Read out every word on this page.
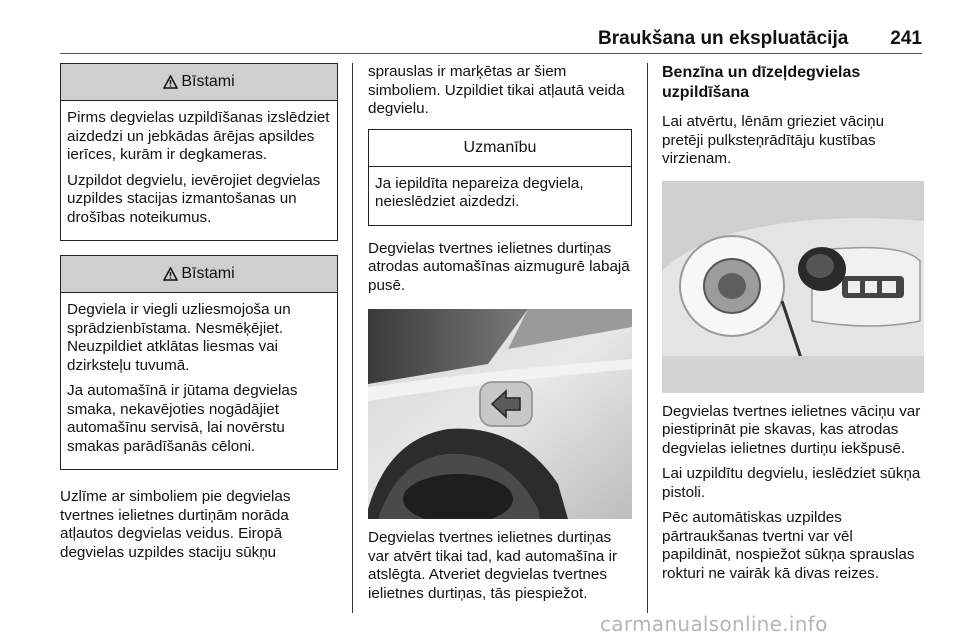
Braukšana un ekspluatācija 241
Bīstami

Pirms degvielas uzpildīšanas izslēdziet aizdedzi un jebkādas ārējas apsildes ierīces, kurām ir degkameras.

Uzpildot degvielu, ievērojiet degvielas uzpildes stacijas izmantošanas un drošības noteikumus.

Bīstami

Degviela ir viegli uzliesmojoša un sprādzienbīstama. Nesmēķējiet. Neuzpildiet atklātas liesmas vai dzirksteļu tuvumā.

Ja automašīnā ir jūtama degvielas smaka, nekavējoties nogādājiet automašīnu servisā, lai novērstu smakas parādīšanās cēloni.

Uzlīme ar simboliem pie degvielas tvertnes ielietnes durtiņām norāda atļautos degvielas veidus. Eiropā degvielas uzpildes staciju sūkņu

sprauslas ir marķētas ar šiem simboliem. Uzpildiet tikai atļautā veida degvielu.

Uzmanību

Ja iepildīta nepareiza degviela, neieslēdziet aizdedzi.

Degvielas tvertnes ielietnes durtiņas atrodas automašīnas aizmugurē labajā pusē.

Degvielas tvertnes ielietnes durtiņas var atvērt tikai tad, kad automašīna ir atslēgta. Atveriet degvielas tvertnes ielietnes durtiņas, tās piespiežot.

Benzīna un dīzeļdegvielas uzpildīšana

Lai atvērtu, lēnām grieziet vāciņu pretēji pulksteņrādītāju kustības virzienam.

Degvielas tvertnes ielietnes vāciņu var piestiprināt pie skavas, kas atrodas degvielas ielietnes durtiņu iekšpusē.

Lai uzpildītu degvielu, ieslēdziet sūkņa pistoli.

Pēc automātiskas uzpildes pārtraukšanas tvertni var vēl papildināt, nospiežot sūkņa sprauslas rokturi ne vairāk kā divas reizes.

carmanualsonline.info
